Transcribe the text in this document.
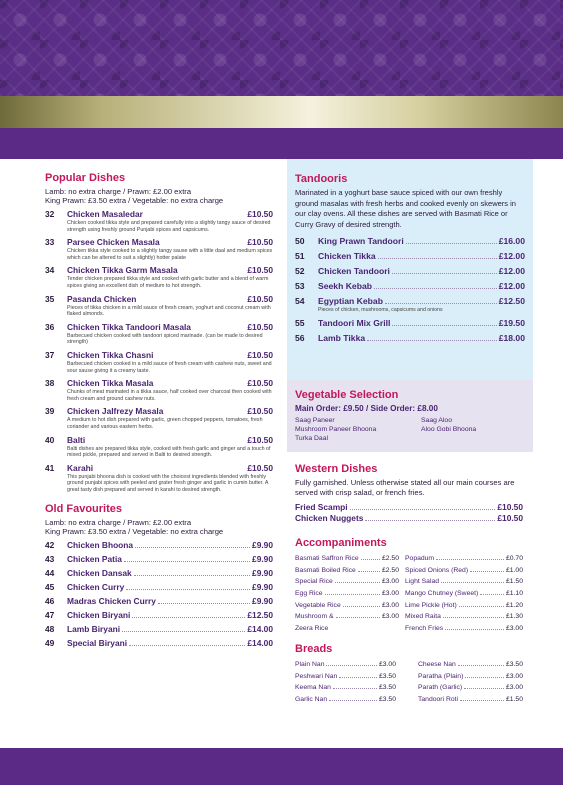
Popular Dishes
Lamb: no extra charge / Prawn: £2.00 extra
King Prawn: £3.50 extra / Vegetable: no extra charge
32	Chicken Masaledar	£10.50
Chicken cooked tikka style and prepared carefully into a slightly tangy sauce of desired strength using freshly ground Punjabi spices and capsicums.
33	Parsee Chicken Masala	£10.50
Chicken tikka style cooked to a slightly tangy sause with a little daal and medium spices which can be altered to suit a slightly) hotter palate
34	Chicken Tikka Garm Masala	£10.50
Tender chicken prepared tikka style and cooked with garlic butter and a blend of warm spices giving an excellent dish of medium to hot strength.
35	Pasanda Chicken	£10.50
Pieces of tikka chicken in a mild sauce of fresh cream, yoghurt and coconut cream with flaked almonds.
36	Chicken Tikka Tandoori Masala	£10.50
Barbecued chicken cooked with tandoori spiced marinade. (can be made to desired strength)
37	Chicken Tikka Chasni	£10.50
Barbecued chicken cooked in a mild sauce of fresh cream with cashew nuts, sweet and sour sause giving it a creamy taste.
38	Chicken Tikka Masala	£10.50
Chunks of meat marinated in a tikka sauce, half cooked over charcoal then cooked with fresh cream and ground cashew nuts.
39	Chicken Jalfrezy Masala	£10.50
A medium to hot dish prepared with garlic, green chopped peppers, tomatoes, fresh coriander and various eastern herbs.
40	Balti	£10.50
Balti dishes are prepared tikka style, cooked with fresh garlic and ginger and a touch of mixed pickle, prepared and served in Balti to desired strength.
41	Karahi	£10.50
This punjabi bhoona dish is cooked with the choicest ingredients blended with freshly ground punjabi spices with peeled and grater fresh ginger and garlic in cumin butter. A great tasty dish prepared and served in karahi to desired strength.
Old Favourites
Lamb: no extra charge / Prawn: £2.00 extra
King Prawn: £3.50 extra / Vegetable: no extra charge
42	Chicken Bhoona	£9.90
43	Chicken Patia	£9.90
44	Chicken Dansak	£9.90
45	Chicken Curry	£9.90
46	Madras Chicken Curry	£9.90
47	Chicken Biryani	£12.50
48	Lamb Biryani	£14.00
49	Special Biryani	£14.00
Tandooris
Marinated in a yoghurt base sauce spiced with our own freshly ground masalas with fresh herbs and cooked evenly on skewers in our clay ovens. All these dishes are served with Basmati Rice or Curry Gravy of desired strength.
50	King Prawn Tandoori	£16.00
51	Chicken Tikka	£12.00
52	Chicken Tandoori	£12.00
53	Seekh Kebab	£12.00
54	Egyptian Kebab	£12.50
Pieces of chicken, mushrooms, capsicums and onions
55	Tandoori Mix Grill	£19.50
56	Lamb Tikka	£18.00
Vegetable Selection
Main Order: £9.50 / Side Order: £8.00
Saag Paneer	Saag Aloo
Mushroom Paneer Bhoona	Aloo Gobi Bhoona
Turka Daal
Western Dishes
Fully garnished. Unless otherwise stated all our main courses are served with crisp salad, or french fries.
Fried Scampi	£10.50
Chicken Nuggets	£10.50
Accompaniments
Basmati Saffron Rice	£2.50
Basmati Boiled Rice	£2.50
Special Rice	£3.00
Egg Rice	£3.00
Vegetable Rice	£3.00
Mushroom &	£3.00
Zeera Rice
Popadum	£0.70
Spiced Onions (Red)	£1.00
Light Salad	£1.50
Mango Chutney (Sweet)	£1.10
Lime Pickle (Hot)	£1.20
Mixed Raita	£1.30
French Fries	£3.00
Breads
Plain Nan	£3.00
Peshwari Nan	£3.50
Keema Nan	£3.50
Garlic Nan	£3.50
Cheese Nan	£3.50
Paratha (Plain)	£3.00
Parath (Garlic)	£3.00
Tandoori Roti	£1.50
